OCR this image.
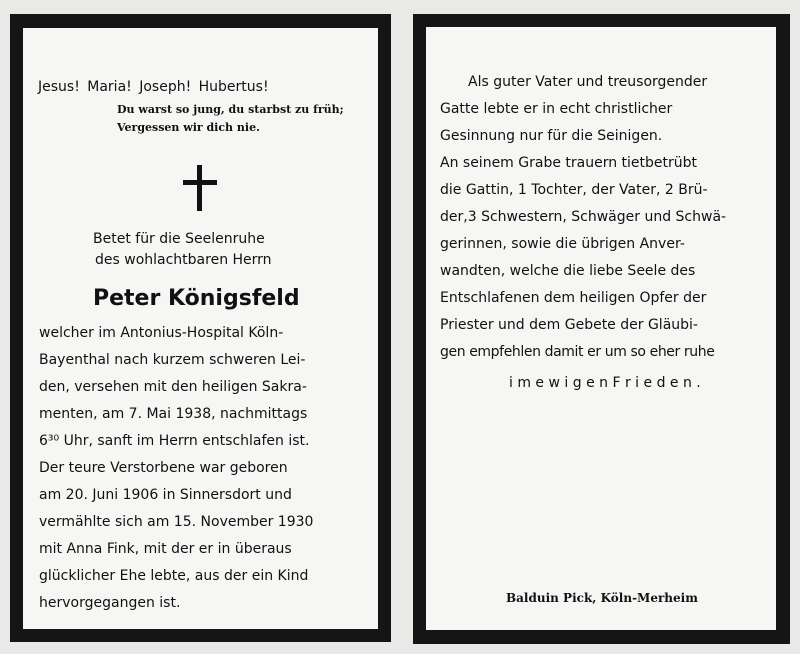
Jesus! Maria! Joseph! Hubertus!
Du warst so jung, du starbst zu früh;
Vergessen wir dich nie.
Betet für die Seelenruhe
des wohlachtbaren Herrn
Peter Königsfeld
welcher im Antonius-Hospital Köln-
Bayenthal nach kurzem schweren Lei-
den, versehen mit den heiligen Sakra-
menten, am 7. Mai 1938, nachmittags
6³⁰ Uhr, sanft im Herrn entschlafen ist.
Der teure Verstorbene war geboren
am 20. Juni 1906 in Sinnersdort und
vermählte sich am 15. November 1930
mit Anna Fink, mit der er in überaus
glücklicher Ehe lebte, aus der ein Kind
hervorgegangen ist.
Als guter Vater und treusorgender
Gatte lebte er in echt christlicher
Gesinnung nur für die Seinigen.
An seinem Grabe trauern tietbetrübt
die Gattin, 1 Tochter, der Vater, 2 Brü-
der,3 Schwestern, Schwäger und Schwä-
gerinnen, sowie die übrigen Anver-
wandten, welche die liebe Seele des
Entschlafenen dem heiligen Opfer der
Priester und dem Gebete der Gläubi-
gen empfehlen damit er um so eher ruhe
i m e w i g e n F r i e d e n .
Balduin Pick, Köln-Merheim
